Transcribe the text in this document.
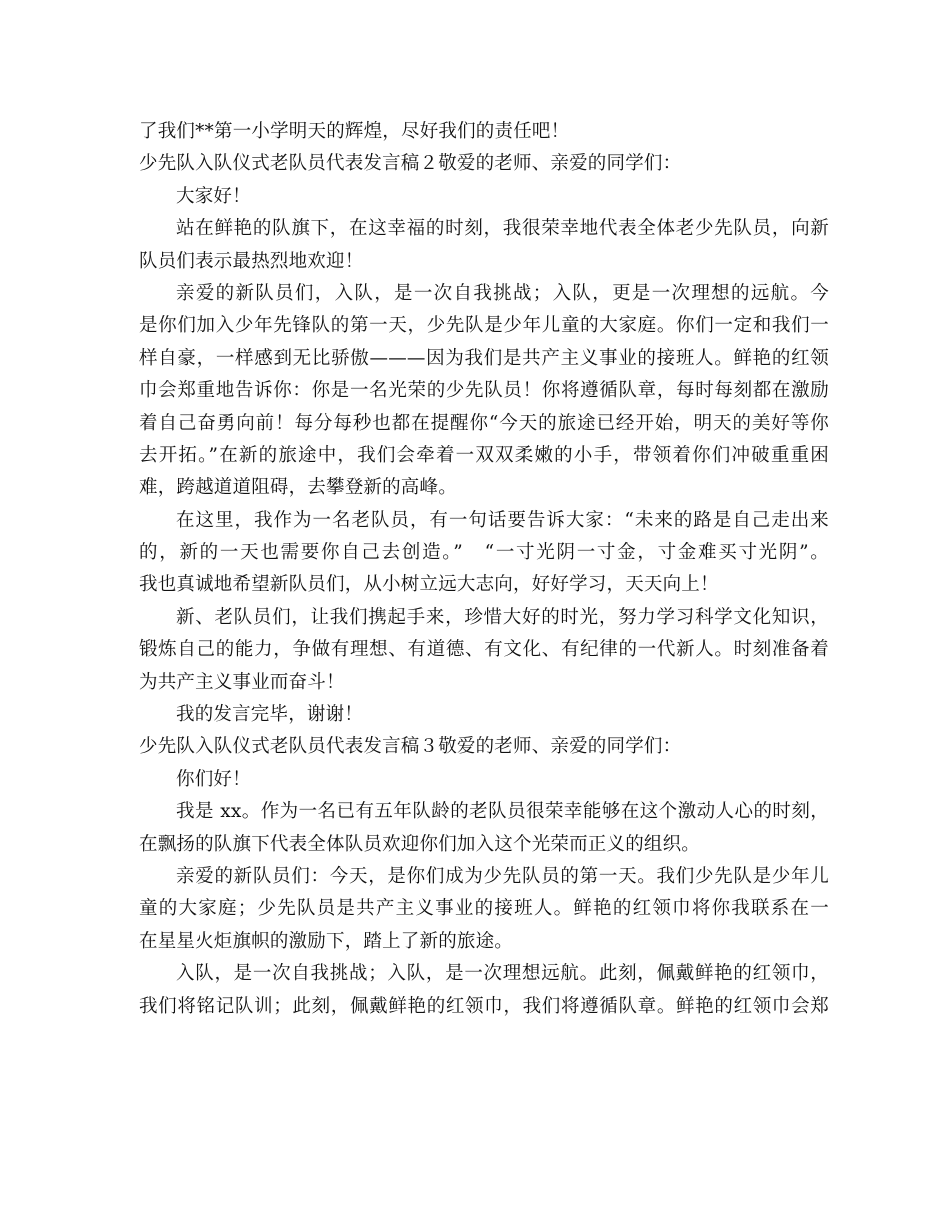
了我们**第一小学明天的辉煌，尽好我们的责任吧！
少先队入队仪式老队员代表发言稿２敬爱的老师、亲爱的同学们：
大家好！
站在鲜艳的队旗下，在这幸福的时刻，我很荣幸地代表全体老少先队员，向新
队员们表示最热烈地欢迎！
亲爱的新队员们，入队，是一次自我挑战；入队，更是一次理想的远航。今
是你们加入少年先锋队的第一天，少先队是少年儿童的大家庭。你们一定和我们一
样自豪，一样感到无比骄傲———因为我们是共产主义事业的接班人。鲜艳的红领
巾会郑重地告诉你：你是一名光荣的少先队员！你将遵循队章，每时每刻都在激励
着自己奋勇向前！每分每秒也都在提醒你“今天的旅途已经开始，明天的美好等你
去开拓。”在新的旅途中，我们会牵着一双双柔嫩的小手，带领着你们冲破重重困
难，跨越道道阻碍，去攀登新的高峰。
在这里，我作为一名老队员，有一句话要告诉大家：“未来的路是自己走出来
的，新的一天也需要你自己去创造。”　“一寸光阴一寸金，寸金难买寸光阴”。
我也真诚地希望新队员们，从小树立远大志向，好好学习，天天向上！
新、老队员们，让我们携起手来，珍惜大好的时光，努力学习科学文化知识，
锻炼自己的能力，争做有理想、有道德、有文化、有纪律的一代新人。时刻准备着
为共产主义事业而奋斗！
我的发言完毕，谢谢！
少先队入队仪式老队员代表发言稿３敬爱的老师、亲爱的同学们：
你们好！
我是 xx。作为一名已有五年队龄的老队员很荣幸能够在这个激动人心的时刻，
在飘扬的队旗下代表全体队员欢迎你们加入这个光荣而正义的组织。
亲爱的新队员们：今天，是你们成为少先队员的第一天。我们少先队是少年儿
童的大家庭；少先队员是共产主义事业的接班人。鲜艳的红领巾将你我联系在一
在星星火炬旗帜的激励下，踏上了新的旅途。
入队，是一次自我挑战；入队，是一次理想远航。此刻，佩戴鲜艳的红领巾，
我们将铭记队训；此刻，佩戴鲜艳的红领巾，我们将遵循队章。鲜艳的红领巾会郑
